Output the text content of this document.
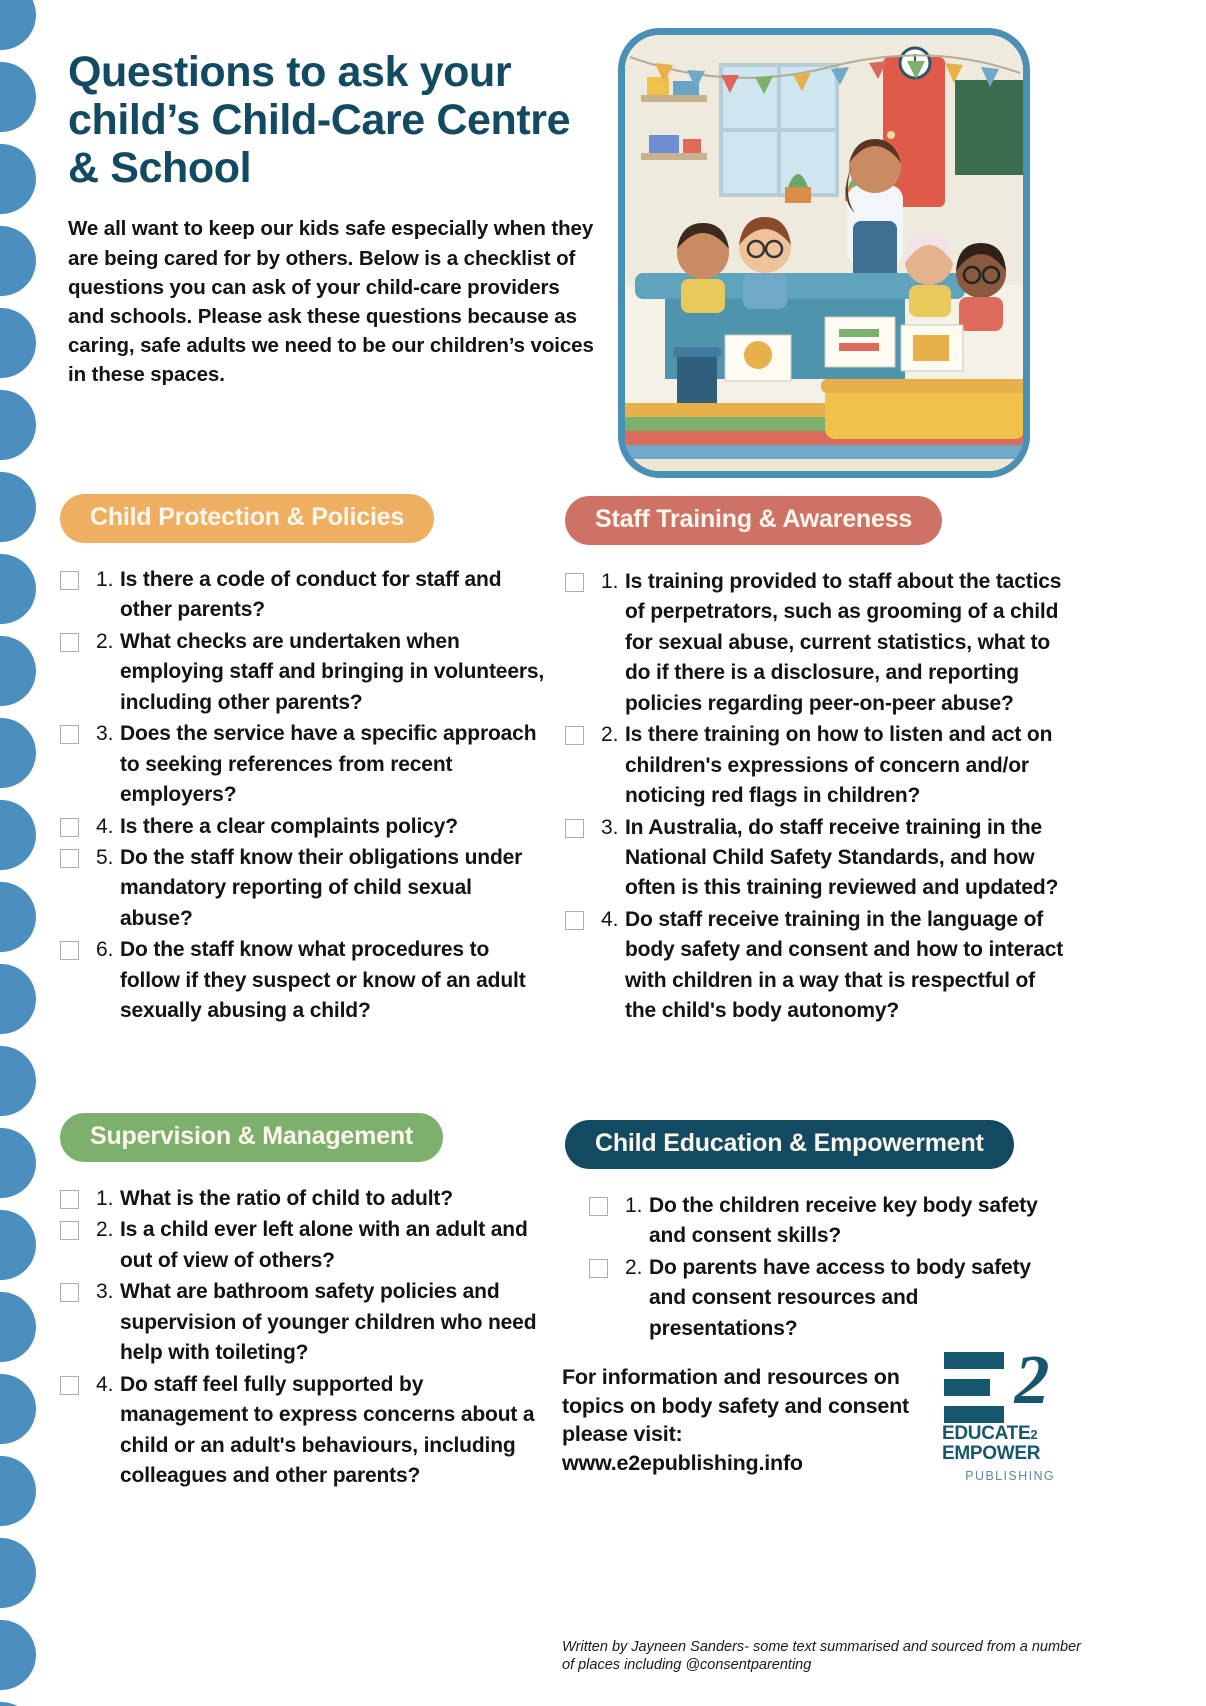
Questions to ask your child’s Child-Care Centre & School

We all want to keep our kids safe especially when they are being cared for by others. Below is a checklist of questions you can ask of your child-care providers and schools. Please ask these questions because as caring, safe adults we need to be our children’s voices in these spaces.

Child Protection & Policies
1. Is there a code of conduct for staff and other parents?
2. What checks are undertaken when employing staff and bringing in volunteers, including other parents?
3. Does the service have a specific approach to seeking references from recent employers?
4. Is there a clear complaints policy?
5. Do the staff know their obligations under mandatory reporting of child sexual abuse?
6. Do the staff know what procedures to follow if they suspect or know of an adult sexually abusing a child?
Staff Training & Awareness
1. Is training provided to staff about the tactics of perpetrators, such as grooming of a child for sexual abuse, current statistics, what to do if there is a disclosure, and reporting policies regarding peer-on-peer abuse?
2. Is there training on how to listen and act on children's expressions of concern and/or noticing red flags in children?
3. In Australia, do staff receive training in the National Child Safety Standards, and how often is this training reviewed and updated?
4. Do staff receive training in the language of body safety and consent and how to interact with children in a way that is respectful of the child's body autonomy?
Supervision & Management
1. What is the ratio of child to adult?
2. Is a child ever left alone with an adult and out of view of others?
3. What are bathroom safety policies and supervision of younger children who need help with toileting?
4. Do staff feel fully supported by management to express concerns about a child or an adult's behaviours, including colleagues and other parents?
Child Education & Empowerment
1. Do the children receive key body safety and consent skills?
2. Do parents have access to body safety and consent resources and presentations?
For information and resources on topics on body safety and consent please visit: www.e2epublishing.info
2
EDUCATE2
EMPOWER
PUBLISHING
Written by Jayneen Sanders- some text summarised and sourced from a number of places including @consentparenting
